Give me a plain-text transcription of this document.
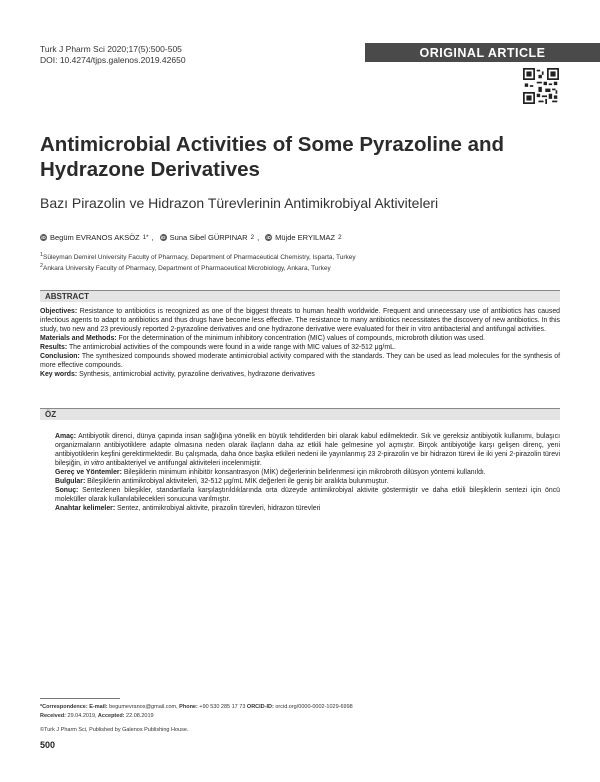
Turk J Pharm Sci 2020;17(5):500-505
DOI: 10.4274/tjps.galenos.2019.42650
ORIGINAL ARTICLE
Antimicrobial Activities of Some Pyrazoline and
Hydrazone Derivatives
Bazı Pirazolin ve Hidrazon Türevlerinin Antimikrobiyal Aktiviteleri
iD Begüm EVRANOS AKSÖZ 1* , iD Suna Sibel GÜRPINAR 2 , iD Müjde ERYILMAZ 2
$^1$Süleyman Demirel University Faculty of Pharmacy, Department of Pharmaceutical Chemistry, Isparta, Turkey
$^2$Ankara University Faculty of Pharmacy, Department of Pharmaceutical Microbiology, Ankara, Turkey
ABSTRACT
Objectives: Resistance to antibiotics is recognized as one of the biggest threats to human health worldwide. Frequent and unnecessary use of antibiotics has caused infectious agents to adapt to antibiotics and thus drugs have become less effective. The resistance to many antibiotics necessitates the discovery of new antibiotics. In this study, two new and 23 previously reported 2-pyrazoline derivatives and one hydrazone derivative were evaluated for their in vitro antibacterial and antifungal activities.
Materials and Methods: For the determination of the minimum inhibitory concentration (MIC) values of compounds, microbroth dilution was used.
Results: The antimicrobial activities of the compounds were found in a wide range with MIC values of 32-512 μg/mL.
Conclusion: The synthesized compounds showed moderate antimicrobial activity compared with the standards. They can be used as lead molecules for the synthesis of more effective compounds.
Key words: Synthesis, antimicrobial activity, pyrazoline derivatives, hydrazone derivatives
ÖZ
Amaç: Antibiyotik direnci, dünya çapında insan sağlığına yönelik en büyük tehditlerden biri olarak kabul edilmektedir. Sık ve gereksiz antibiyotik kullanımı, bulaşıcı organizmaların antibiyotiklere adapte olmasına neden olarak ilaçların daha az etkili hale gelmesine yol açmıştır. Birçok antibiyotiğe karşı gelişen direnç, yeni antibiyotiklerin keşfini gerektirmektedir. Bu çalışmada, daha önce başka etkileri nedeni ile yayınlanmış 23 2-pirazolin ve bir hidrazon türevi ile iki yeni 2-pirazolin türevi bileşiğin, in vitro antibakteriyel ve antifungal aktiviteleri incelenmiştir.
Gereç ve Yöntemler: Bileşiklerin minimum inhibitör konsantrasyon (MİK) değerlerinin belirlenmesi için mikrobroth dilüsyon yöntemi kullanıldı.
Bulgular: Bileşiklerin antimikrobiyal aktiviteleri, 32-512 μg/mL MİK değerleri ile geniş bir aralıkta bulunmuştur.
Sonuç: Sentezlenen bileşikler, standartlarla karşılaştırıldıklarında orta düzeyde antimikrobiyal aktivite göstermiştir ve daha etkili bileşiklerin sentezi için öncü moleküller olarak kullanılabilecekleri sonucuna varılmıştır.
Anahtar kelimeler: Sentez, antimikrobiyal aktivite, pirazolin türevleri, hidrazon türevleri
*Correspondence: E-mail: begumevranos@gmail.com, Phone: +90 530 285 17 73 ORCID-ID: orcid.org/0000-0002-1029-6998
Received: 29.04.2019, Accepted: 22.08.2019
©Turk J Pharm Sci, Published by Galenos Publishing House.
500
